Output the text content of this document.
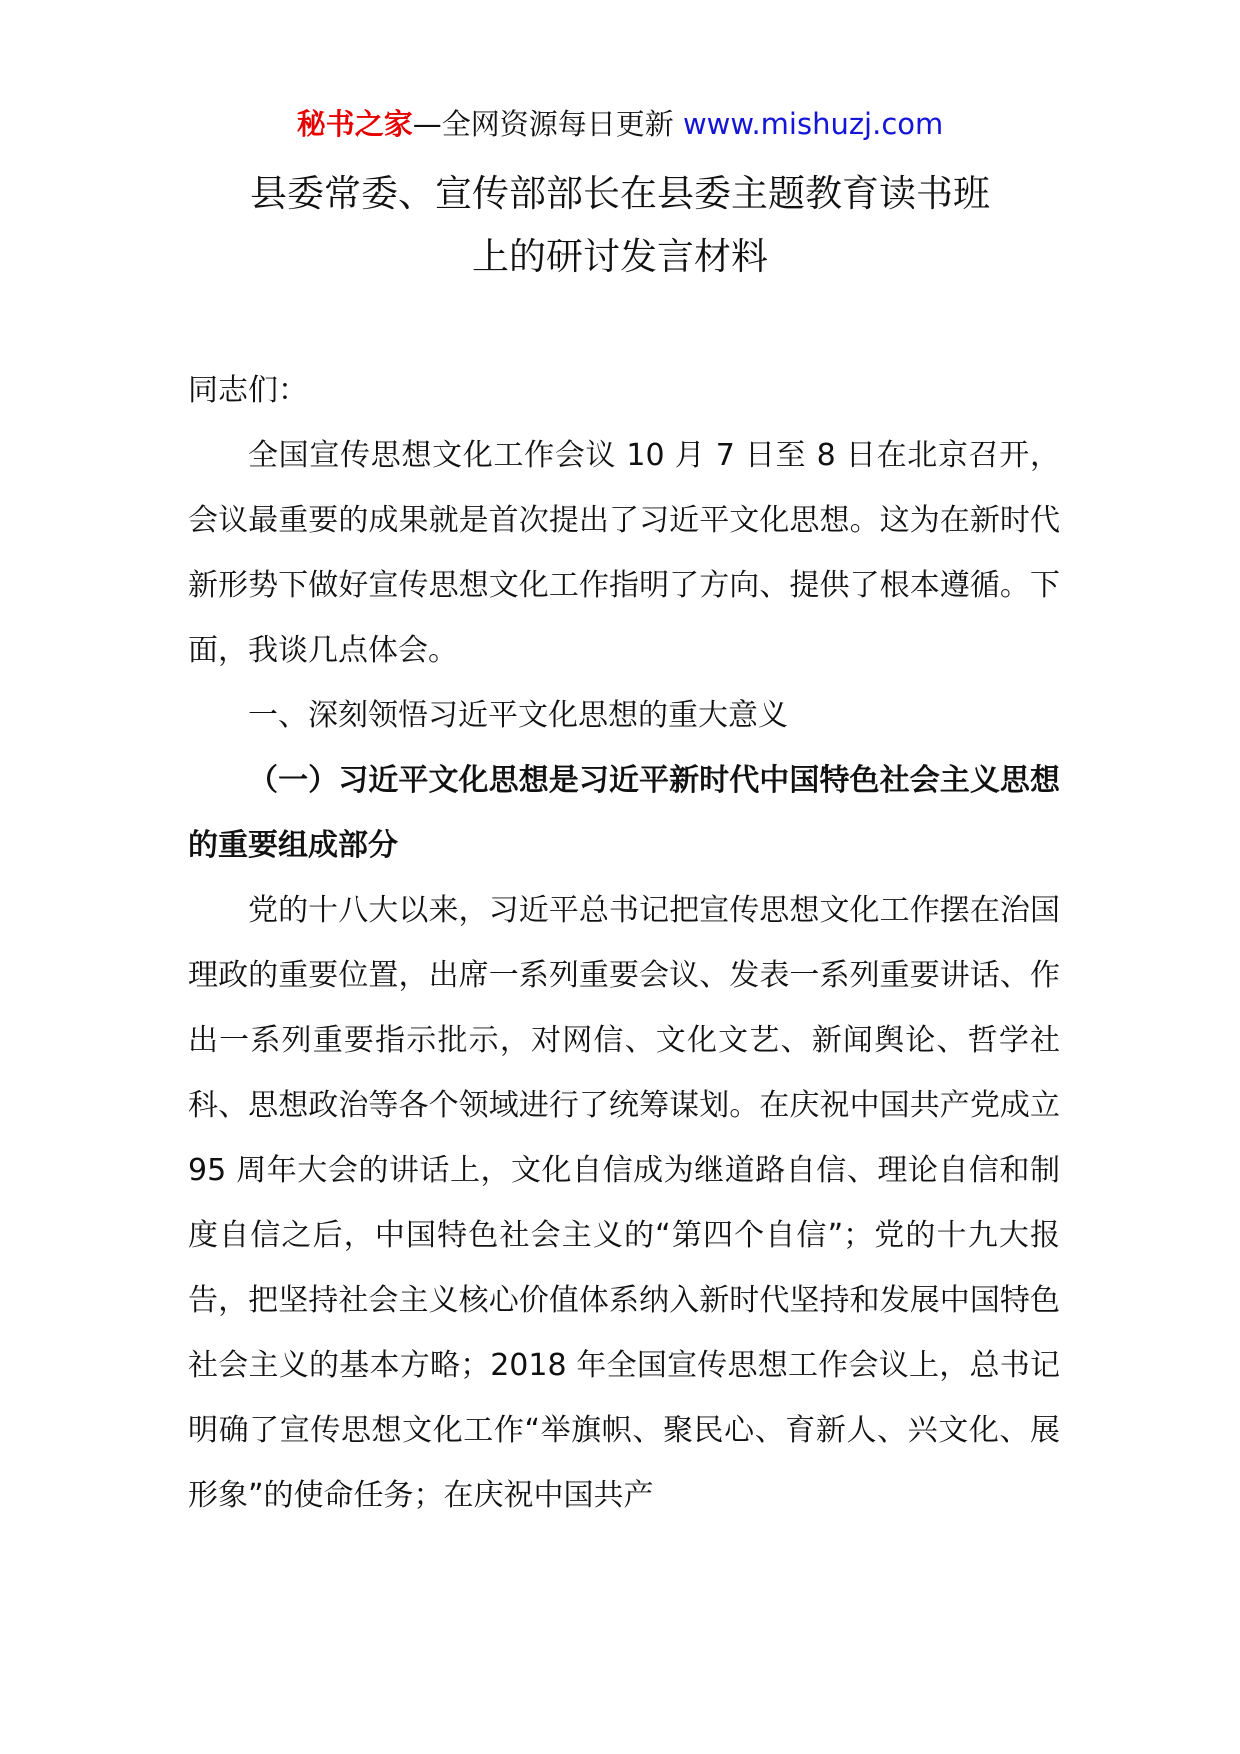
秘书之家—全网资源每日更新 www.mishuzj.com
县委常委、宣传部部长在县委主题教育读书班
上的研讨发言材料

同志们：

全国宣传思想文化工作会议 10 月 7 日至 8 日在北京召开，会议最重要的成果就是首次提出了习近平文化思想。这为在新时代新形势下做好宣传思想文化工作指明了方向、提供了根本遵循。下面，我谈几点体会。

一、深刻领悟习近平文化思想的重大意义

（一）习近平文化思想是习近平新时代中国特色社会主义思想的重要组成部分

党的十八大以来，习近平总书记把宣传思想文化工作摆在治国理政的重要位置，出席一系列重要会议、发表一系列重要讲话、作出一系列重要指示批示，对网信、文化文艺、新闻舆论、哲学社科、思想政治等各个领域进行了统筹谋划。在庆祝中国共产党成立 95 周年大会的讲话上，文化自信成为继道路自信、理论自信和制度自信之后，中国特色社会主义的“第四个自信”；党的十九大报告，把坚持社会主义核心价值体系纳入新时代坚持和发展中国特色社会主义的基本方略；2018 年全国宣传思想工作会议上，总书记明确了宣传思想文化工作“举旗帜、聚民心、育新人、兴文化、展形象”的使命任务；在庆祝中国共产
